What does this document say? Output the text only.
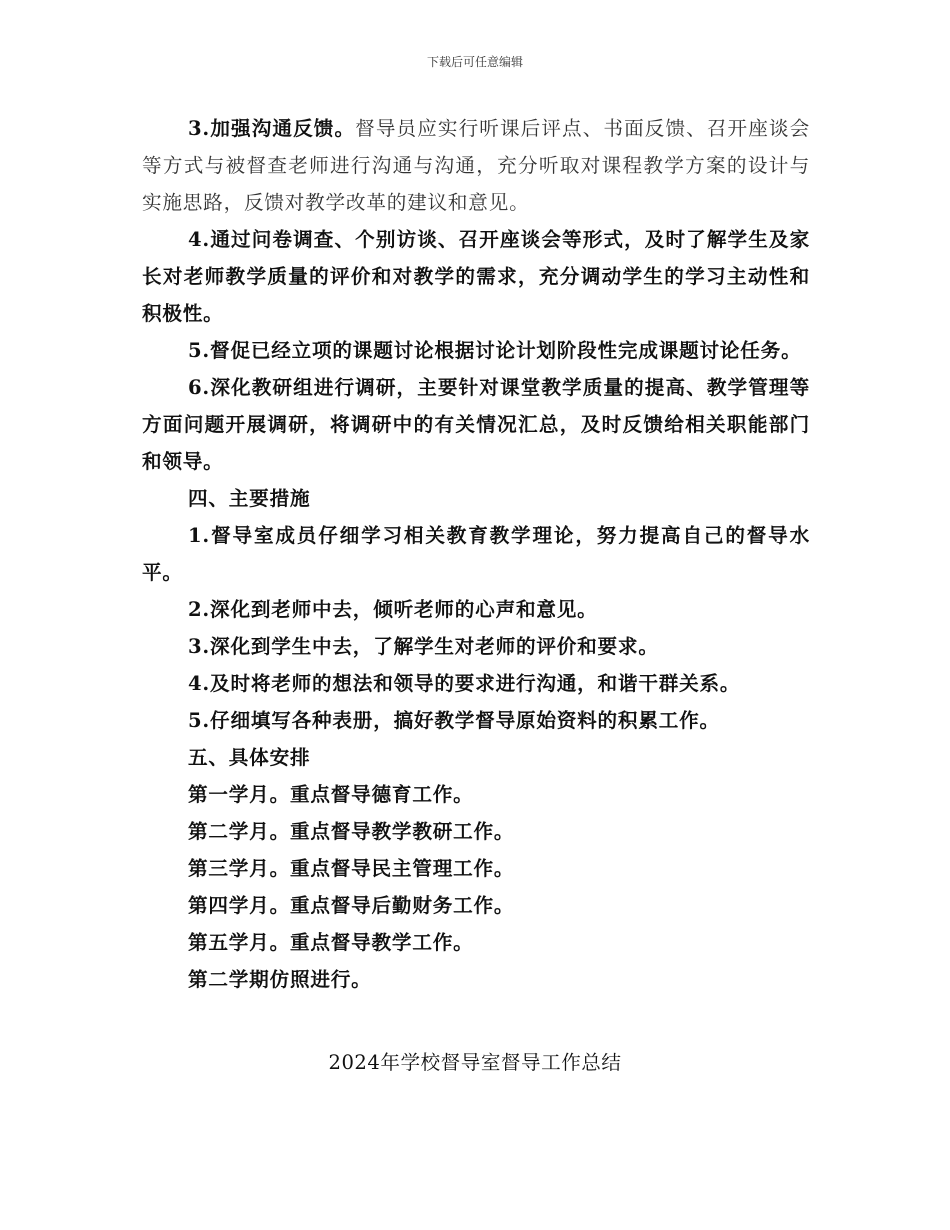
下载后可任意编辑

3.加强沟通反馈。督导员应实行听课后评点、书面反馈、召开座谈会等方式与被督查老师进行沟通与沟通，充分听取对课程教学方案的设计与实施思路，反馈对教学改革的建议和意见。

4.通过问卷调查、个别访谈、召开座谈会等形式，及时了解学生及家长对老师教学质量的评价和对教学的需求，充分调动学生的学习主动性和积极性。

5.督促已经立项的课题讨论根据讨论计划阶段性完成课题讨论任务。

6.深化教研组进行调研，主要针对课堂教学质量的提高、教学管理等方面问题开展调研，将调研中的有关情况汇总，及时反馈给相关职能部门和领导。

四、主要措施

1.督导室成员仔细学习相关教育教学理论，努力提高自己的督导水平。

2.深化到老师中去，倾听老师的心声和意见。

3.深化到学生中去，了解学生对老师的评价和要求。

4.及时将老师的想法和领导的要求进行沟通，和谐干群关系。

5.仔细填写各种表册，搞好教学督导原始资料的积累工作。

五、具体安排

第一学月。重点督导德育工作。

第二学月。重点督导教学教研工作。

第三学月。重点督导民主管理工作。

第四学月。重点督导后勤财务工作。

第五学月。重点督导教学工作。

第二学期仿照进行。

2024年学校督导室督导工作总结
